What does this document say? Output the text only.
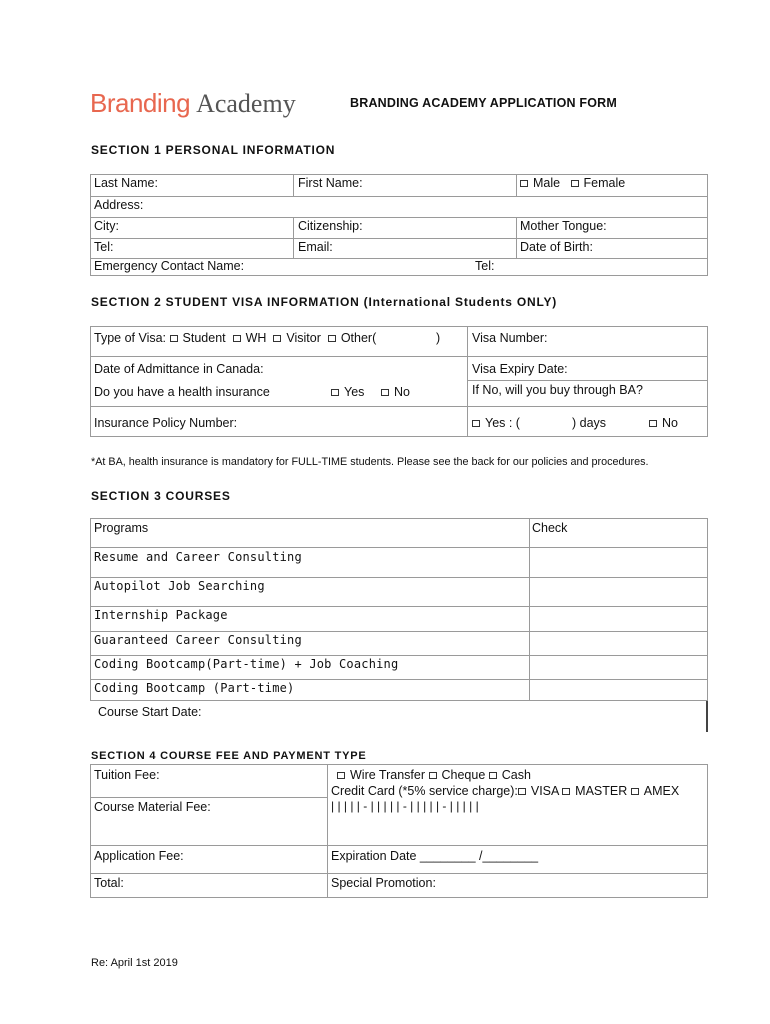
Branding Academy	BRANDING ACADEMY APPLICATION FORM
SECTION 1 PERSONAL INFORMATION
Last Name:	First Name:	Male Female
Address:
City:	Citizenship:	Mother Tongue:
Tel:	Email:	Date of Birth:
Emergency Contact Name:	Tel:
SECTION 2 STUDENT VISA INFORMATION (International Students ONLY)
Type of Visa: Student WH Visitor Other(	)	Visa Number:
Date of Admittance in Canada:	Visa Expiry Date:
Do you have a health insurance	Yes	No	If No, will you buy through BA?
Insurance Policy Number:	Yes : (	) days	No
*At BA, health insurance is mandatory for FULL-TIME students. Please see the back for our policies and procedures.
SECTION 3 COURSES
Programs	Check
Resume and Career Consulting
Autopilot Job Searching
Internship Package
Guaranteed Career Consulting
Coding Bootcamp(Part-time) + Job Coaching
Coding Bootcamp (Part-time)
Course Start Date:
SECTION 4 COURSE FEE AND PAYMENT TYPE
Tuition Fee:	Wire Transfer Cheque Cash
Credit Card (*5% service charge): VISA MASTER AMEX
| | | | | - | | | | | - | | | | | - | | | | |
Course Material Fee:
Application Fee:	Expiration Date ________ /________
Total:	Special Promotion:
Re: April 1st 2019
